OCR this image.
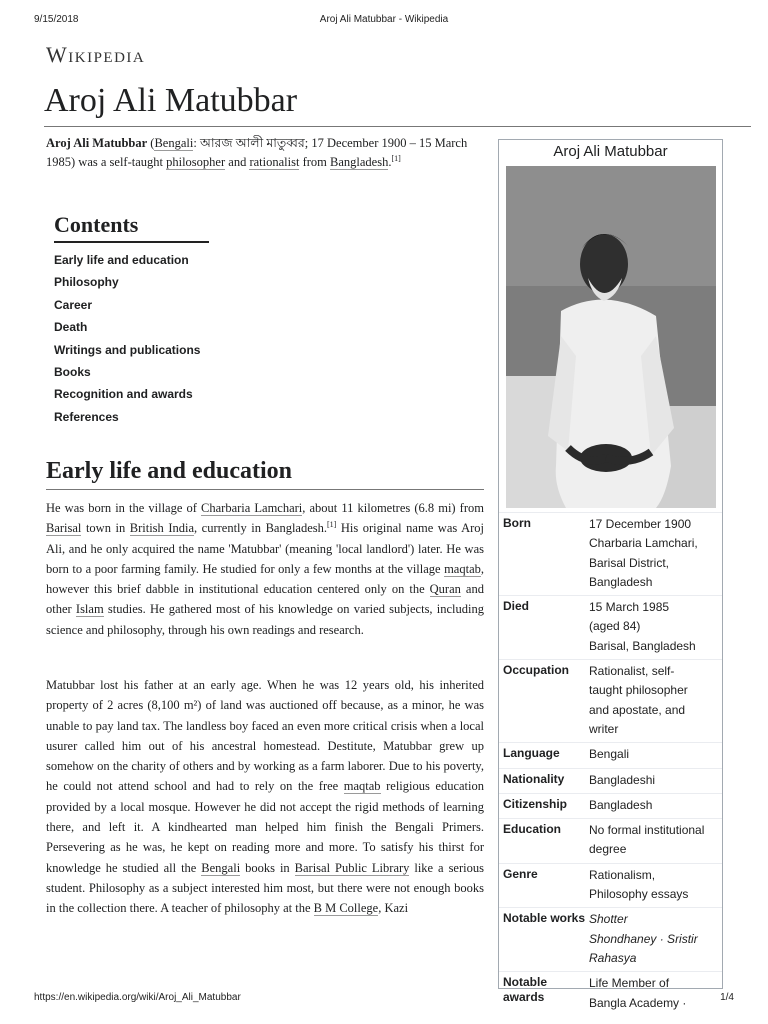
9/15/2018	Aroj Ali Matubbar - Wikipedia
Wikipedia
Aroj Ali Matubbar

Aroj Ali Matubbar (Bengali: আরজ আলী মাতুব্বর; 17 December 1900 – 15 March 1985) was a self-taught philosopher and rationalist from Bangladesh.[1]

Contents
Early life and education
Philosophy
Career
Death
Writings and publications
Books
Recognition and awards
References
Early life and education

He was born in the village of Charbaria Lamchari, about 11 kilometres (6.8 mi) from Barisal town in British India, currently in Bangladesh.[1] His original name was Aroj Ali, and he only acquired the name 'Matubbar' (meaning 'local landlord') later. He was born to a poor farming family. He studied for only a few months at the village maqtab, however this brief dabble in institutional education centered only on the Quran and other Islam studies. He gathered most of his knowledge on varied subjects, including science and philosophy, through his own readings and research.

Matubbar lost his father at an early age. When he was 12 years old, his inherited property of 2 acres (8,100 m²) of land was auctioned off because, as a minor, he was unable to pay land tax. The landless boy faced an even more critical crisis when a local usurer called him out of his ancestral homestead. Destitute, Matubbar grew up somehow on the charity of others and by working as a farm laborer. Due to his poverty, he could not attend school and had to rely on the free maqtab religious education provided by a local mosque. However he did not accept the rigid methods of learning there, and left it. A kindhearted man helped him finish the Bengali Primers. Persevering as he was, he kept on reading more and more. To satisfy his thirst for knowledge he studied all the Bengali books in Barisal Public Library like a serious student. Philosophy as a subject interested him most, but there were not enough books in the collection there. A teacher of philosophy at the B M College, Kazi

Aroj Ali Matubbar
Born	17 December 1900
Charbaria Lamchari,
Barisal District,
Bangladesh
Died	15 March 1985
(aged 84)
Barisal, Bangladesh
Occupation	Rationalist, self-
taught philosopher
and apostate, and
writer
Language	Bengali
Nationality	Bangladeshi
Citizenship	Bangladesh
Education	No formal institutional
degree
Genre	Rationalism,
Philosophy essays
Notable works Shotter
Shondhaney · Sristir
Rahasya
Notable awards
Life Member of
Bangla Academy ·
https://en.wikipedia.org/wiki/Aroj_Ali_Matubbar	1/4
